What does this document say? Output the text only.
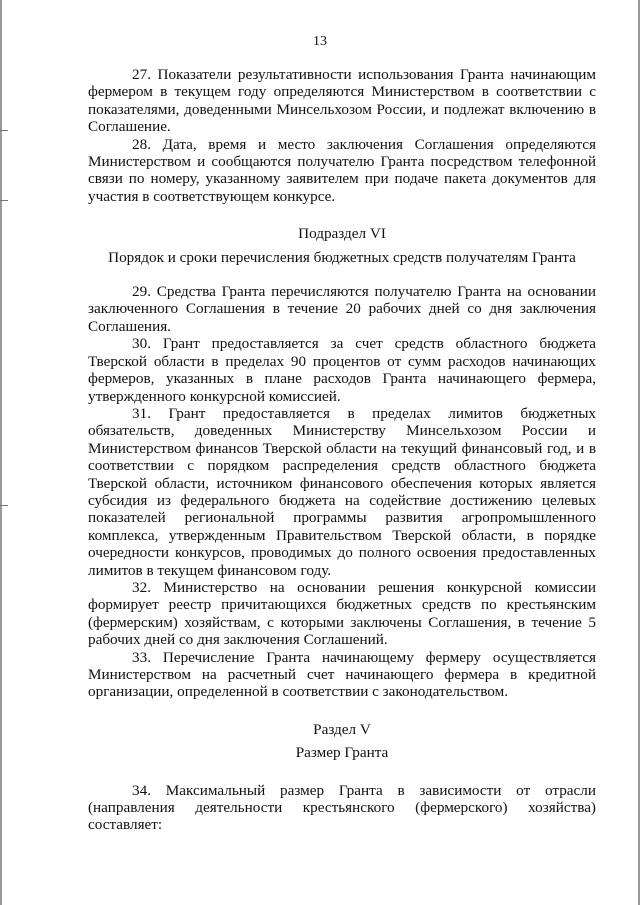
13

27. Показатели результативности использования Гранта начинающим фермером в текущем году определяются Министерством в соответствии с показателями, доведенными Минсельхозом России, и подлежат включению в Соглашение.

28. Дата, время и место заключения Соглашения определяются Министерством и сообщаются получателю Гранта посредством телефонной связи по номеру, указанному заявителем при подаче пакета документов для участия в соответствующем конкурсе.

Подраздел VI

Порядок и сроки перечисления бюджетных средств получателям Гранта

29. Средства Гранта перечисляются получателю Гранта на основании заключенного Соглашения в течение 20 рабочих дней со дня заключения Соглашения.

30. Грант предоставляется за счет средств областного бюджета Тверской области в пределах 90 процентов от сумм расходов начинающих фермеров, указанных в плане расходов Гранта начинающего фермера, утвержденного конкурсной комиссией.

31. Грант предоставляется в пределах лимитов бюджетных обязательств, доведенных Министерству Минсельхозом России и Министерством финансов Тверской области на текущий финансовый год, и в соответствии с порядком распределения средств областного бюджета Тверской области, источником финансового обеспечения которых является субсидия из федерального бюджета на содействие достижению целевых показателей региональной программы развития агропромышленного комплекса, утвержденным Правительством Тверской области, в порядке очередности конкурсов, проводимых до полного освоения предоставленных лимитов в текущем финансовом году.

32. Министерство на основании решения конкурсной комиссии формирует реестр причитающихся бюджетных средств по крестьянским (фермерским) хозяйствам, с которыми заключены Соглашения, в течение 5 рабочих дней со дня заключения Соглашений.

33. Перечисление Гранта начинающему фермеру осуществляется Министерством на расчетный счет начинающего фермера в кредитной организации, определенной в соответствии с законодательством.

Раздел V

Размер Гранта

34. Максимальный размер Гранта в зависимости от отрасли (направления деятельности крестьянского (фермерского) хозяйства) составляет:
